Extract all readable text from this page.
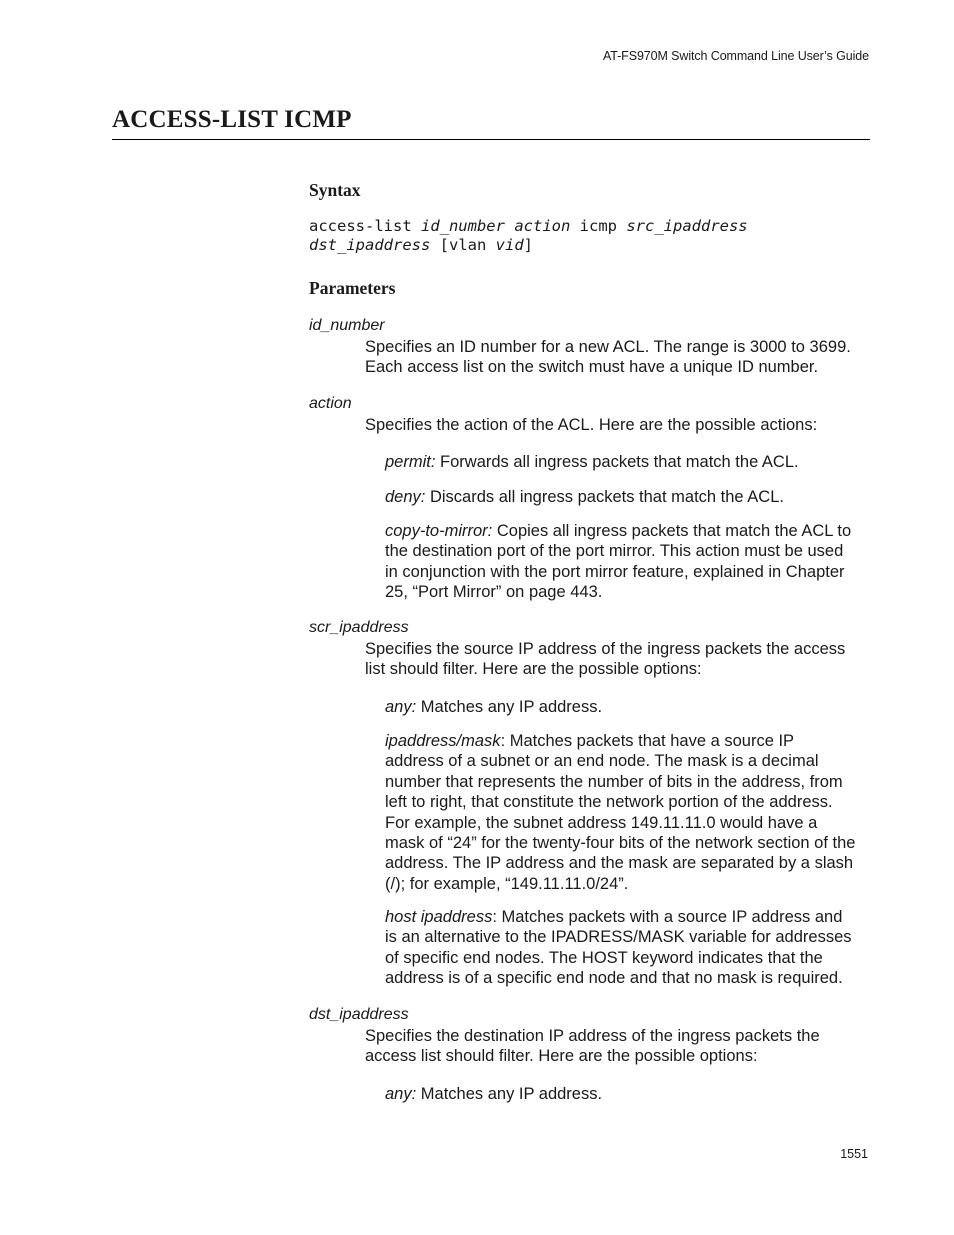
AT-FS970M Switch Command Line User’s Guide
ACCESS-LIST ICMP
Syntax
access-list id_number action icmp src_ipaddress
dst_ipaddress [vlan vid]
Parameters
id_number
Specifies an ID number for a new ACL. The range is 3000 to 3699.
Each access list on the switch must have a unique ID number.
action
Specifies the action of the ACL. Here are the possible actions:
permit: Forwards all ingress packets that match the ACL.
deny: Discards all ingress packets that match the ACL.
copy-to-mirror: Copies all ingress packets that match the ACL to
the destination port of the port mirror. This action must be used
in conjunction with the port mirror feature, explained in Chapter
25, “Port Mirror” on page 443.
scr_ipaddress
Specifies the source IP address of the ingress packets the access
list should filter. Here are the possible options:
any: Matches any IP address.
ipaddress/mask: Matches packets that have a source IP
address of a subnet or an end node. The mask is a decimal
number that represents the number of bits in the address, from
left to right, that constitute the network portion of the address.
For example, the subnet address 149.11.11.0 would have a
mask of “24” for the twenty-four bits of the network section of the
address. The IP address and the mask are separated by a slash
(/); for example, “149.11.11.0/24”.
host ipaddress: Matches packets with a source IP address and
is an alternative to the IPADRESS/MASK variable for addresses
of specific end nodes. The HOST keyword indicates that the
address is of a specific end node and that no mask is required.
dst_ipaddress
Specifies the destination IP address of the ingress packets the
access list should filter. Here are the possible options:
any: Matches any IP address.
1551
